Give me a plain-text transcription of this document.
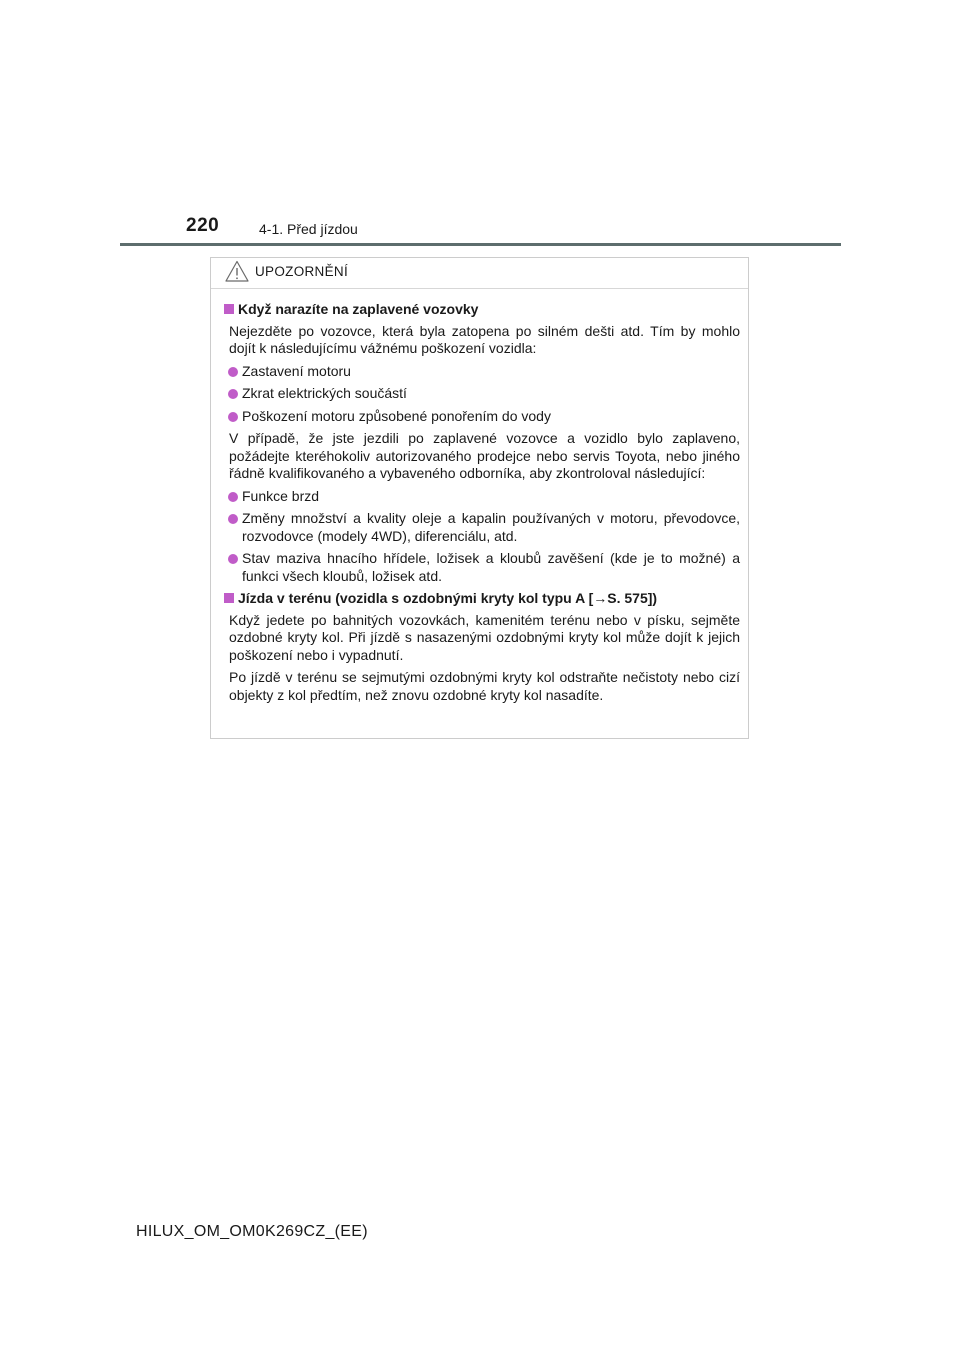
220	4-1. Před jízdou
UPOZORNĚNÍ
Když narazíte na zaplavené vozovky
Nejezděte po vozovce, která byla zatopena po silném dešti atd. Tím by mohlo dojít k následujícímu vážnému poškození vozidla:
Zastavení motoru
Zkrat elektrických součástí
Poškození motoru způsobené ponořením do vody
V případě, že jste jezdili po zaplavené vozovce a vozidlo bylo zaplaveno, požádejte kteréhokoliv autorizovaného prodejce nebo servis Toyota, nebo jiného řádně kvalifikovaného a vybaveného odborníka, aby zkontroloval následující:
Funkce brzd
Změny množství a kvality oleje a kapalin používaných v motoru, převodovce, rozvodovce (modely 4WD), diferenciálu, atd.
Stav maziva hnacího hřídele, ložisek a kloubů zavěšení (kde je to možné) a funkci všech kloubů, ložisek atd.
Jízda v terénu (vozidla s ozdobnými kryty kol typu A [→S. 575])
Když jedete po bahnitých vozovkách, kamenitém terénu nebo v písku, sejměte ozdobné kryty kol. Při jízdě s nasazenými ozdobnými kryty kol může dojít k jejich poškození nebo i vypadnutí.
Po jízdě v terénu se sejmutými ozdobnými kryty kol odstraňte nečistoty nebo cizí objekty z kol předtím, než znovu ozdobné kryty kol nasadíte.
HILUX_OM_OM0K269CZ_(EE)
